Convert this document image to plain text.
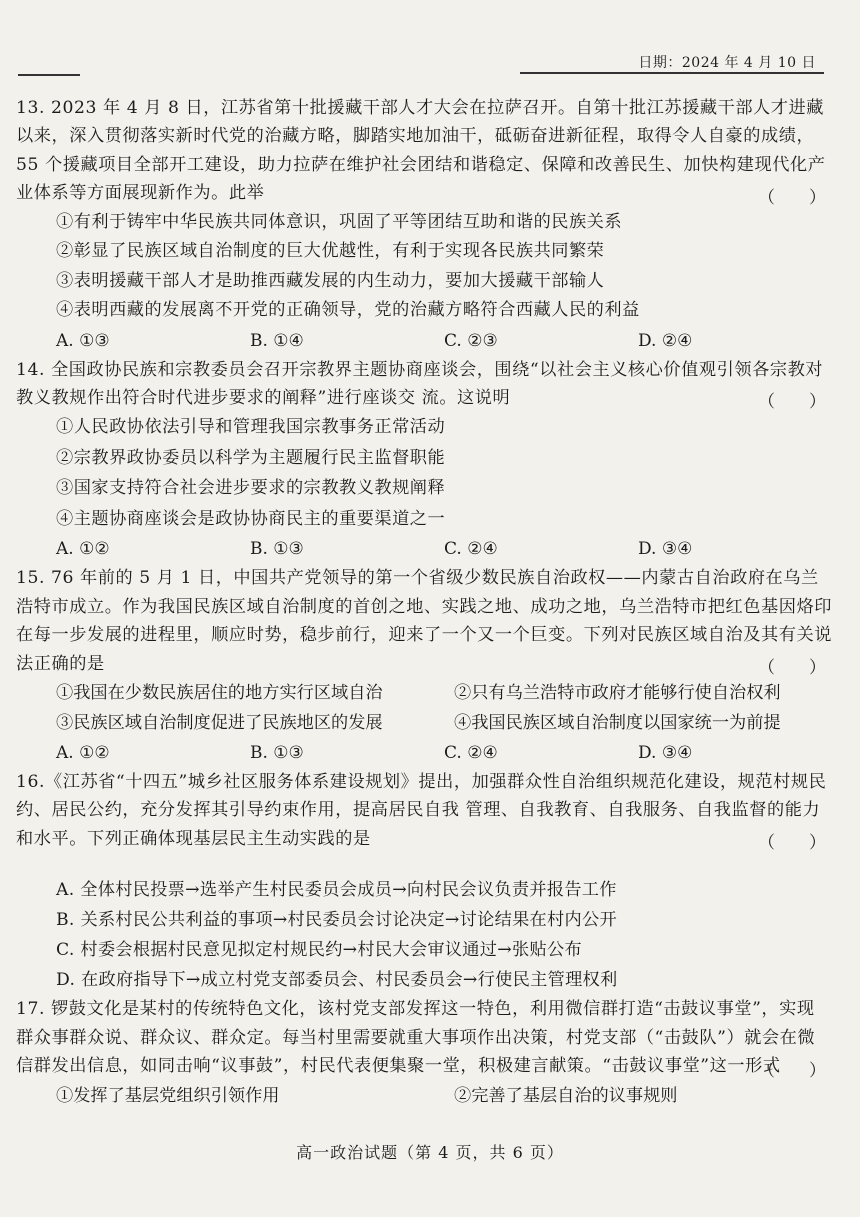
日期：2024 年 4 月 10 日

13. 2023 年 4 月 8 日，江苏省第十批援藏干部人才大会在拉萨召开。自第十批江苏援藏干部人才进藏以来，深入贯彻落实新时代党的治藏方略，脚踏实地加油干，砥砺奋进新征程，取得令人自豪的成绩，55 个援藏项目全部开工建设，助力拉萨在维护社会团结和谐稳定、保障和改善民生、加快构建现代化产业体系等方面展现新作为。此举	（　　）

①有利于铸牢中华民族共同体意识，巩固了平等团结互助和谐的民族关系

②彰显了民族区域自治制度的巨大优越性，有利于实现各民族共同繁荣

③表明援藏干部人才是助推西藏发展的内生动力，要加大援藏干部输人

④表明西藏的发展离不开党的正确领导，党的治藏方略符合西藏人民的利益

A. ①③	B. ①④	C. ②③	D. ②④

14. 全国政协民族和宗教委员会召开宗教界主题协商座谈会，围绕“以社会主义核心价值观引领各宗教对教义教规作出符合时代进步要求的阐释”进行座谈交 流。这说明	（　　）

①人民政协依法引导和管理我国宗教事务正常活动

②宗教界政协委员以科学为主题履行民主监督职能

③国家支持符合社会进步要求的宗教教义教规阐释

④主题协商座谈会是政协协商民主的重要渠道之一

A. ①②	B. ①③	C. ②④	D. ③④

15. 76 年前的 5 月 1 日，中国共产党领导的第一个省级少数民族自治政权——内蒙古自治政府在乌兰浩特市成立。作为我国民族区域自治制度的首创之地、实践之地、成功之地，乌兰浩特市把红色基因烙印在每一步发展的进程里，顺应时势，稳步前行，迎来了一个又一个巨变。下列对民族区域自治及其有关说法正确的是	（　　）
①我国在少数民族居住的地方实行区域自治	②只有乌兰浩特市政府才能够行使自治权利
③民族区域自治制度促进了民族地区的发展	④我国民族区域自治制度以国家统一为前提
A. ①②	B. ①③	C. ②④	D. ③④

16.《江苏省“十四五”城乡社区服务体系建设规划》提出，加强群众性自治组织规范化建设，规范村规民约、居民公约，充分发挥其引导约束作用，提高居民自我 管理、自我教育、自我服务、自我监督的能力和水平。下列正确体现基层民主生动实践的是	（　　）
A. 全体村民投票→选举产生村民委员会成员→向村民会议负责并报告工作
B. 关系村民公共利益的事项→村民委员会讨论决定→讨论结果在村内公开
C. 村委会根据村民意见拟定村规民约→村民大会审议通过→张贴公布
D. 在政府指导下→成立村党支部委员会、村民委员会→行使民主管理权利

17. 锣鼓文化是某村的传统特色文化，该村党支部发挥这一特色，利用微信群打造“击鼓议事堂”，实现群众事群众说、群众议、群众定。每当村里需要就重大事项作出决策，村党支部（“击鼓队”）就会在微信群发出信息，如同击响“议事鼓”，村民代表便集聚一堂，积极建言献策。“击鼓议事堂”这一形式

（　　）
①发挥了基层党组织引领作用	②完善了基层自治的议事规则
高一政治试题（第 4 页，共 6 页）
